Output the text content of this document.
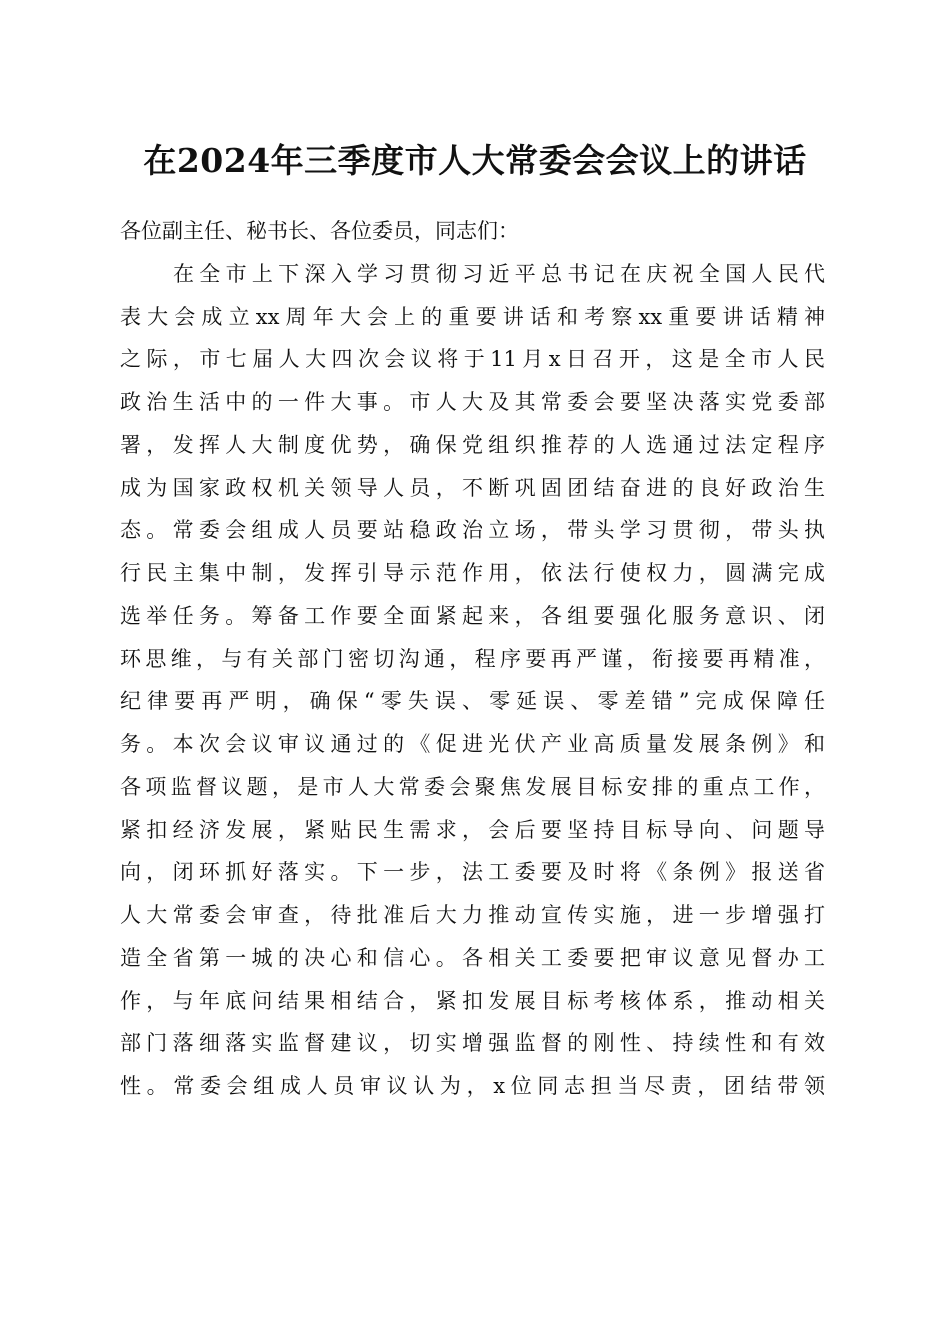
在2024年三季度市人大常委会会议上的讲话
各位副主任、秘书长、各位委员，同志们：
在全市上下深入学习贯彻习近平总书记在庆祝全国人民代
表大会成立xx周年大会上的重要讲话和考察xx重要讲话精神
之际，市七届人大四次会议将于11月x日召开，这是全市人民
政治生活中的一件大事。市人大及其常委会要坚决落实党委部
署，发挥人大制度优势，确保党组织推荐的人选通过法定程序
成为国家政权机关领导人员，不断巩固团结奋进的良好政治生
态。常委会组成人员要站稳政治立场，带头学习贯彻，带头执
行民主集中制，发挥引导示范作用，依法行使权力，圆满完成
选举任务。筹备工作要全面紧起来，各组要强化服务意识、闭
环思维，与有关部门密切沟通，程序要再严谨，衔接要再精准，
纪律要再严明，确保“零失误、零延误、零差错”完成保障任
务。本次会议审议通过的《促进光伏产业高质量发展条例》和
各项监督议题，是市人大常委会聚焦发展目标安排的重点工作，
紧扣经济发展，紧贴民生需求，会后要坚持目标导向、问题导
向，闭环抓好落实。下一步，法工委要及时将《条例》报送省
人大常委会审查，待批准后大力推动宣传实施，进一步增强打
造全省第一城的决心和信心。各相关工委要把审议意见督办工
作，与年底问结果相结合，紧扣发展目标考核体系，推动相关
部门落细落实监督建议，切实增强监督的刚性、持续性和有效
性。常委会组成人员审议认为，x位同志担当尽责，团结带领
